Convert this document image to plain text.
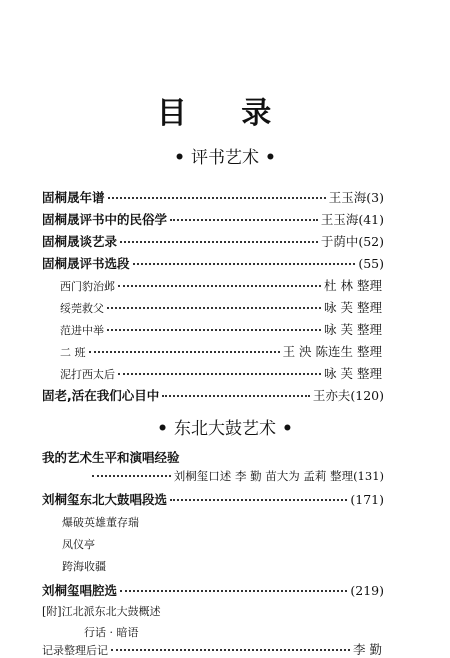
目 录
• 评书艺术 •
固桐晟年谱	王玉海(3)
固桐晟评书中的民俗学	王玉海(41)
固桐晟谈艺录	于荫中(52)
固桐晟评书选段	(55)
西门豹治邺	杜 林 整理
绥莞救父	咏 芙 整理
范进中举	咏 芙 整理
二 班	王 泱 陈连生 整理
泥打西太后	咏 芙 整理
固老,活在我们心目中	王亦夫(120)
• 东北大鼓艺术 •
我的艺术生平和演唱经验
刘桐玺口述 李 勤 苗大为 孟莉 整理(131)
刘桐玺东北大鼓唱段选	(171)
爆破英雄董存瑞
凤仪亭
跨海收疆
刘桐玺唱腔选	(219)
[附]江北派东北大鼓概述
行话 · 暗语
记录整理后记	李 勤
